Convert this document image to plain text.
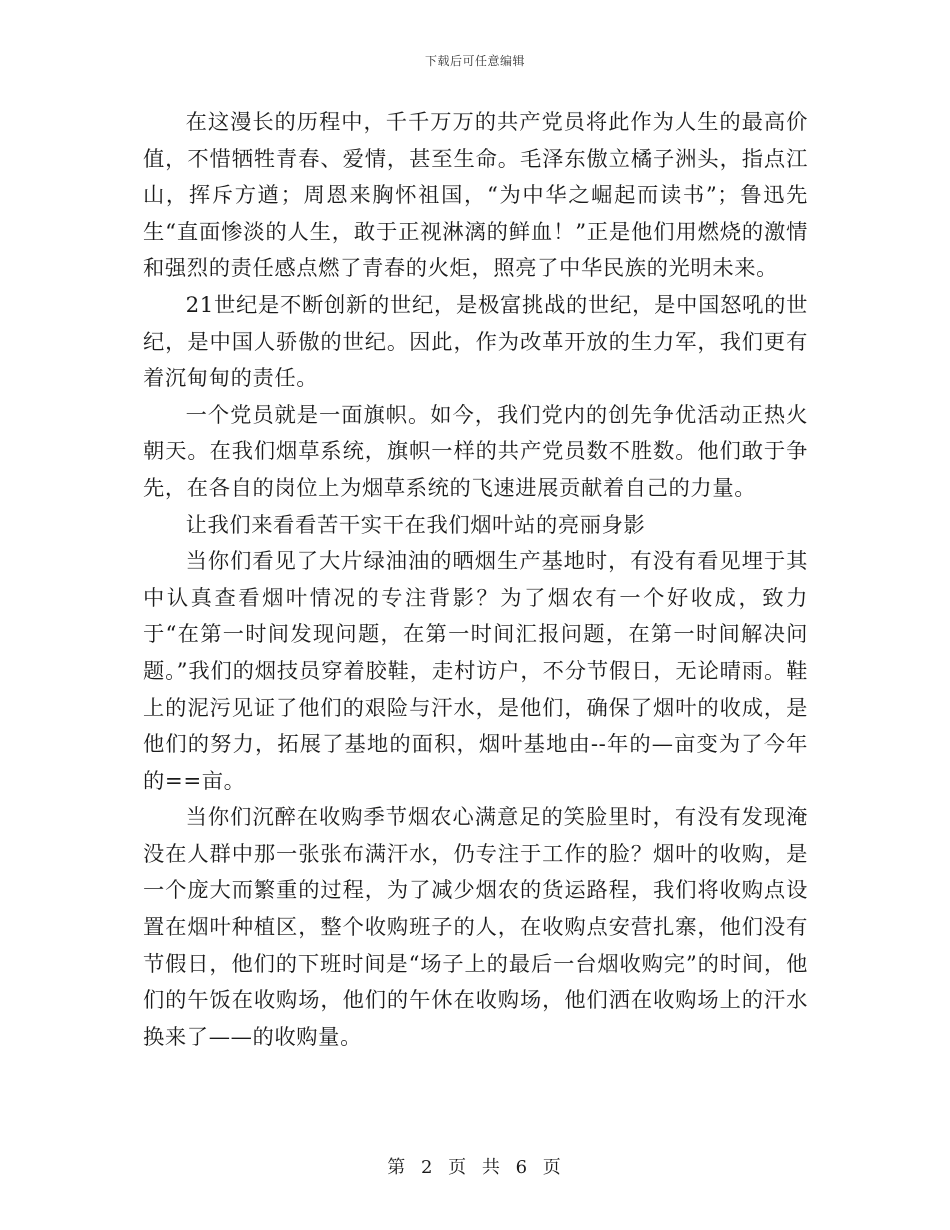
下载后可任意编辑

在这漫长的历程中，千千万万的共产党员将此作为人生的最高价值，不惜牺牲青春、爱情，甚至生命。毛泽东傲立橘子洲头，指点江山，挥斥方遒；周恩来胸怀祖国，“为中华之崛起而读书”；鲁迅先生“直面惨淡的人生，敢于正视淋漓的鲜血！”正是他们用燃烧的激情和强烈的责任感点燃了青春的火炬，照亮了中华民族的光明未来。

21世纪是不断创新的世纪，是极富挑战的世纪，是中国怒吼的世纪，是中国人骄傲的世纪。因此，作为改革开放的生力军，我们更有着沉甸甸的责任。

一个党员就是一面旗帜。如今，我们党内的创先争优活动正热火朝天。在我们烟草系统，旗帜一样的共产党员数不胜数。他们敢于争先，在各自的岗位上为烟草系统的飞速进展贡献着自己的力量。

让我们来看看苦干实干在我们烟叶站的亮丽身影

当你们看见了大片绿油油的晒烟生产基地时，有没有看见埋于其中认真查看烟叶情况的专注背影？为了烟农有一个好收成，致力于“在第一时间发现问题，在第一时间汇报问题，在第一时间解决问题。”我们的烟技员穿着胶鞋，走村访户，不分节假日，无论晴雨。鞋上的泥污见证了他们的艰险与汗水，是他们，确保了烟叶的收成，是他们的努力，拓展了基地的面积，烟叶基地由--年的—亩变为了今年的==亩。

当你们沉醉在收购季节烟农心满意足的笑脸里时，有没有发现淹没在人群中那一张张布满汗水，仍专注于工作的脸？烟叶的收购，是一个庞大而繁重的过程，为了减少烟农的货运路程，我们将收购点设置在烟叶种植区，整个收购班子的人，在收购点安营扎寨，他们没有节假日，他们的下班时间是“场子上的最后一台烟收购完”的时间，他们的午饭在收购场，他们的午休在收购场，他们洒在收购场上的汗水换来了——的收购量。

第 2 页 共 6 页
